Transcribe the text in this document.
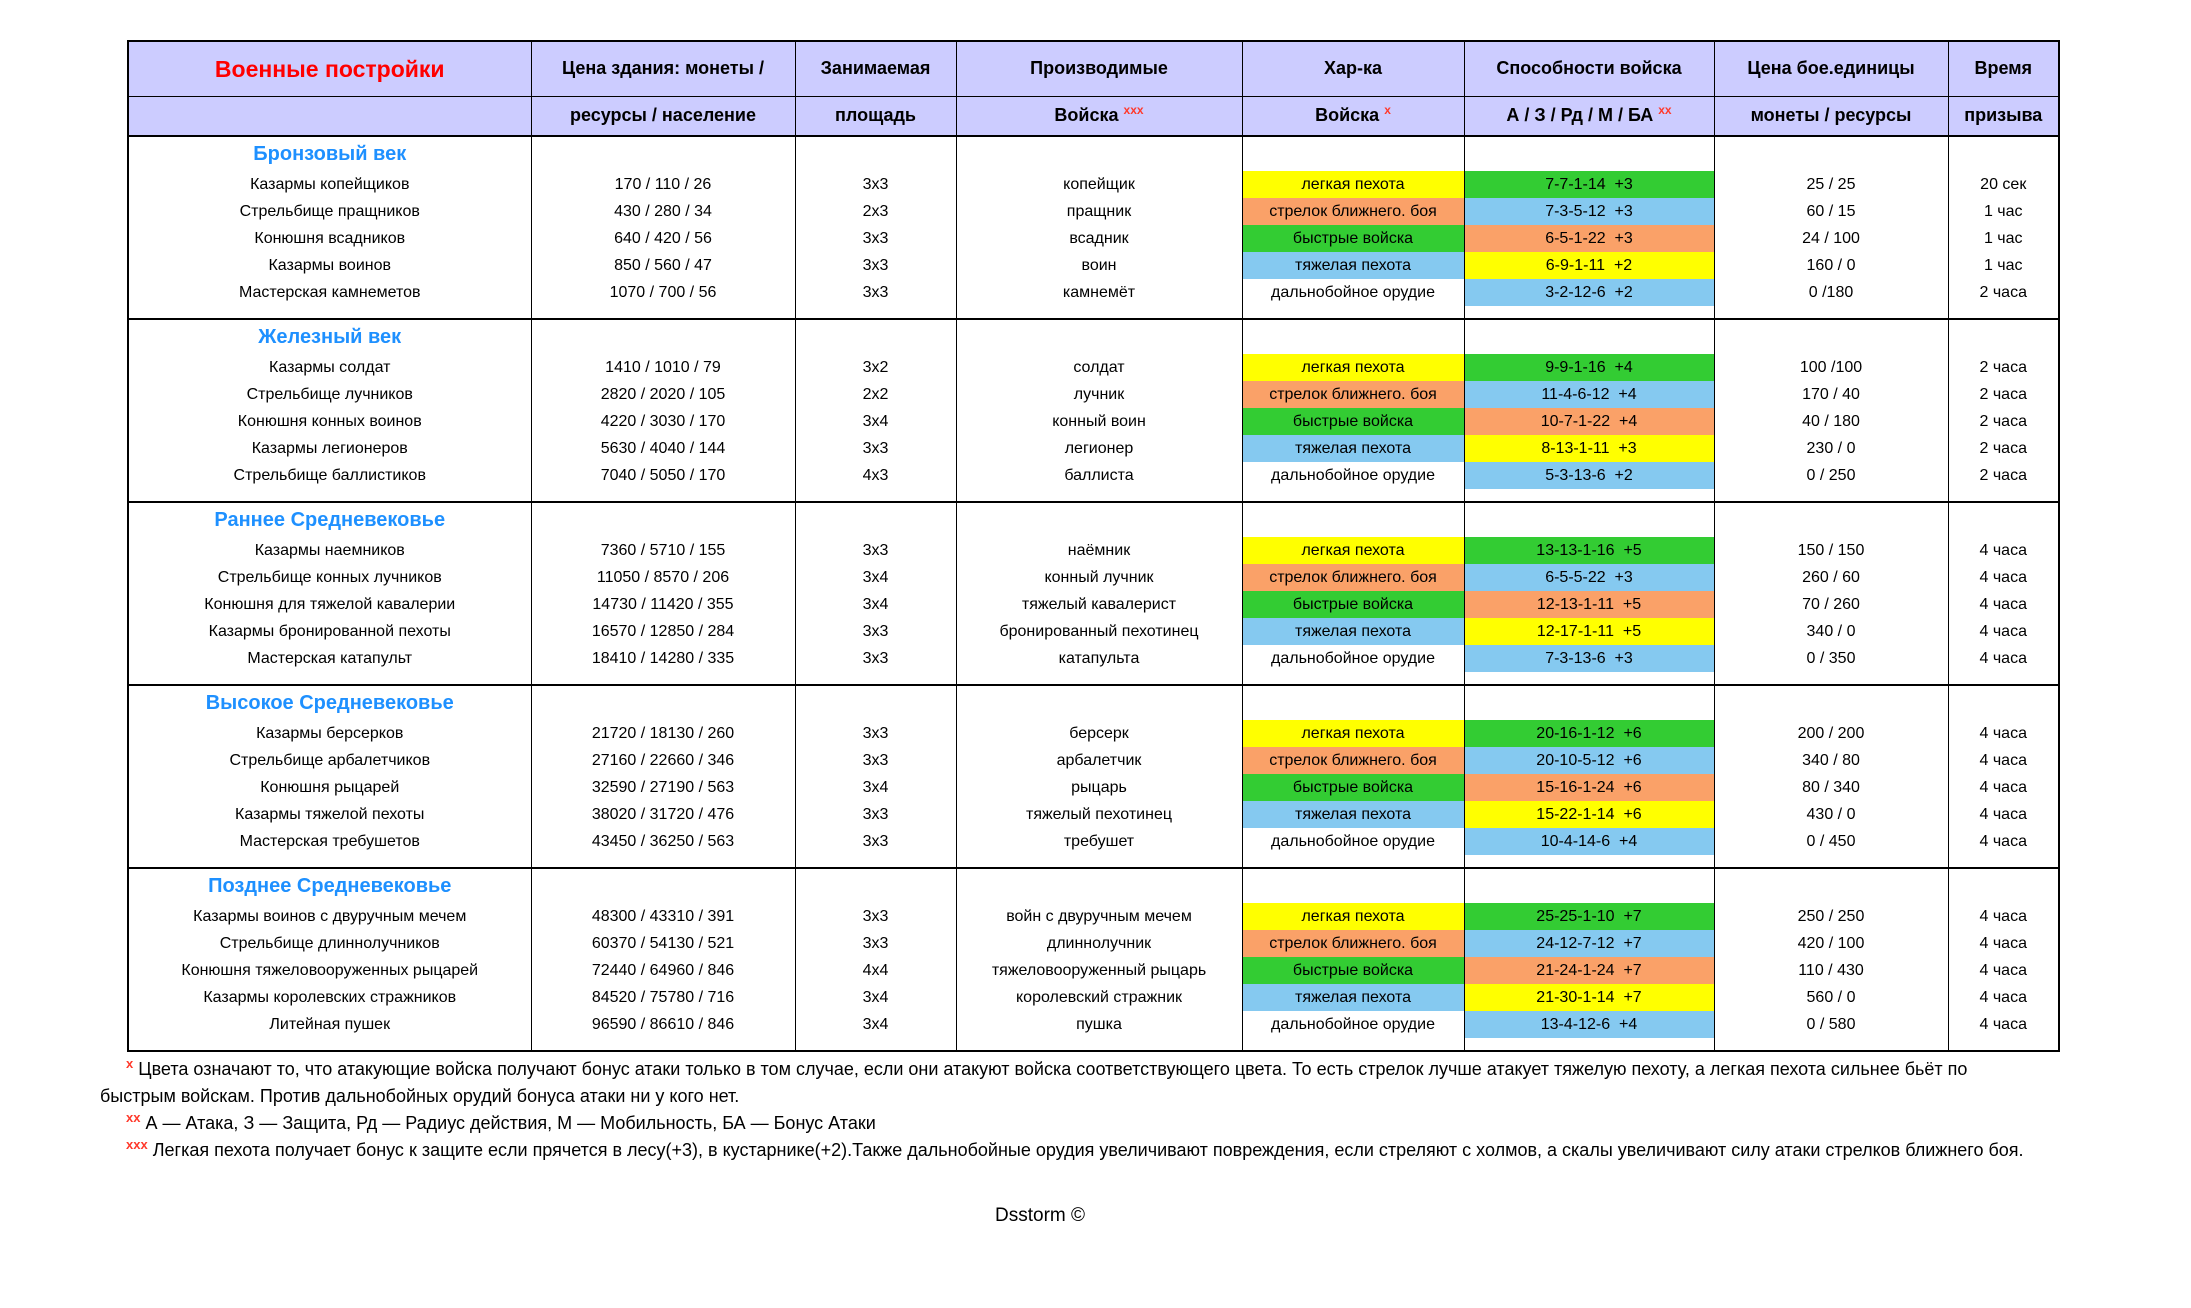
Военные постройки	Цена здания: монеты /	Занимаемая	Производимые	Хар-ка	Способности войска	Цена бое.единицы	Время
	ресурсы / население	площадь	Войска $^{xxx}$	Войска $^x$	А / З / Рд / М / БА $^{xx}$	монеты / ресурсы	призыва
Бронзовый век							
Казармы копейщиков	170 / 110 / 26	3x3	копейщик	легкая пехота	7-7-1-14  +3	25 / 25	20 сек
Стрельбище пращников	430 / 280 / 34	2x3	пращник	стрелок ближнего. боя	7-3-5-12  +3	60 / 15	1 час
Конюшня всадников	640 / 420 / 56	3x3	всадник	быстрые войска	6-5-1-22  +3	24 / 100	1 час
Казармы воинов	850 / 560 / 47	3x3	воин	тяжелая пехота	6-9-1-11  +2	160 / 0	1 час
Мастерская камнеметов	1070 / 700 / 56	3x3	камнемёт	дальнобойное орудие	3-2-12-6  +2	0 /180	2 часа

Железный век							
Казармы солдат	1410 / 1010 / 79	3x2	солдат	легкая пехота	9-9-1-16  +4	100 /100	2 часа
Стрельбище лучников	2820 / 2020 / 105	2x2	лучник	стрелок ближнего. боя	11-4-6-12  +4	170 / 40	2 часа
Конюшня конных воинов	4220 / 3030 / 170	3x4	конный воин	быстрые войска	10-7-1-22  +4	40 / 180	2 часа
Казармы легионеров	5630 / 4040 / 144	3x3	легионер	тяжелая пехота	8-13-1-11  +3	230 / 0	2 часа
Стрельбище баллистиков	7040 / 5050 / 170	4x3	баллиста	дальнобойное орудие	5-3-13-6  +2	0 / 250	2 часа

Раннее Средневековье							
Казармы наемников	7360 / 5710 / 155	3x3	наёмник	легкая пехота	13-13-1-16  +5	150 / 150	4 часа
Стрельбище конных лучников	11050 / 8570 / 206	3x4	конный лучник	стрелок ближнего. боя	6-5-5-22  +3	260 / 60	4 часа
Конюшня для тяжелой кавалерии	14730 / 11420 / 355	3x4	тяжелый кавалерист	быстрые войска	12-13-1-11  +5	70 / 260	4 часа
Казармы бронированной пехоты	16570 / 12850 / 284	3x3	бронированный пехотинец	тяжелая пехота	12-17-1-11  +5	340 / 0	4 часа
Мастерская катапульт	18410 / 14280 / 335	3x3	катапульта	дальнобойное орудие	7-3-13-6  +3	0 / 350	4 часа

Высокое Средневековье							
Казармы берсерков	21720 / 18130 / 260	3x3	берсерк	легкая пехота	20-16-1-12  +6	200 / 200	4 часа
Стрельбище арбалетчиков	27160 / 22660 / 346	3x3	арбалетчик	стрелок ближнего. боя	20-10-5-12  +6	340 / 80	4 часа
Конюшня рыцарей	32590 / 27190 / 563	3x4	рыцарь	быстрые войска	15-16-1-24  +6	80 / 340	4 часа
Казармы тяжелой пехоты	38020 / 31720 / 476	3x3	тяжелый пехотинец	тяжелая пехота	15-22-1-14  +6	430 / 0	4 часа
Мастерская требушетов	43450 / 36250 / 563	3x3	требушет	дальнобойное орудие	10-4-14-6  +4	0 / 450	4 часа

Позднее Средневековье							
Казармы воинов с двуручным мечем	48300 / 43310 / 391	3x3	войн с двуручным мечем	легкая пехота	25-25-1-10  +7	250 / 250	4 часа
Стрельбище длиннолучников	60370 / 54130 / 521	3x3	длиннолучник	стрелок ближнего. боя	24-12-7-12  +7	420 / 100	4 часа
Конюшня тяжеловооруженных рыцарей	72440 / 64960 / 846	4x4	тяжеловооруженный рыцарь	быстрые войска	21-24-1-24  +7	110 / 430	4 часа
Казармы королевских стражников	84520 / 75780 / 716	3x4	королевский стражник	тяжелая пехота	21-30-1-14  +7	560 / 0	4 часа
Литейная пушек	96590 / 86610 / 846	3x4	пушка	дальнобойное орудие	13-4-12-6  +4	0 / 580	4 часа

$^x$ Цвета означают то, что атакующие войска получают бонус атаки только в том случае, если они атакуют войска соответствующего цвета. То есть стрелок лучше атакует тяжелую пехоту, а легкая пехота сильнее бьёт по быстрым войскам. Против дальнобойных орудий бонуса атаки ни у кого нет.

$^{xx}$ А — Атака, З — Защита, Рд — Радиус действия, М — Мобильность, БА — Бонус Атаки

$^{xxx}$ Легкая пехота получает бонус к защите если прячется в лесу(+3), в кустарнике(+2).Также дальнобойные орудия увеличивают повреждения, если стреляют с холмов, а скалы увеличивают силу атаки стрелков ближнего боя.

Dsstorm ©
